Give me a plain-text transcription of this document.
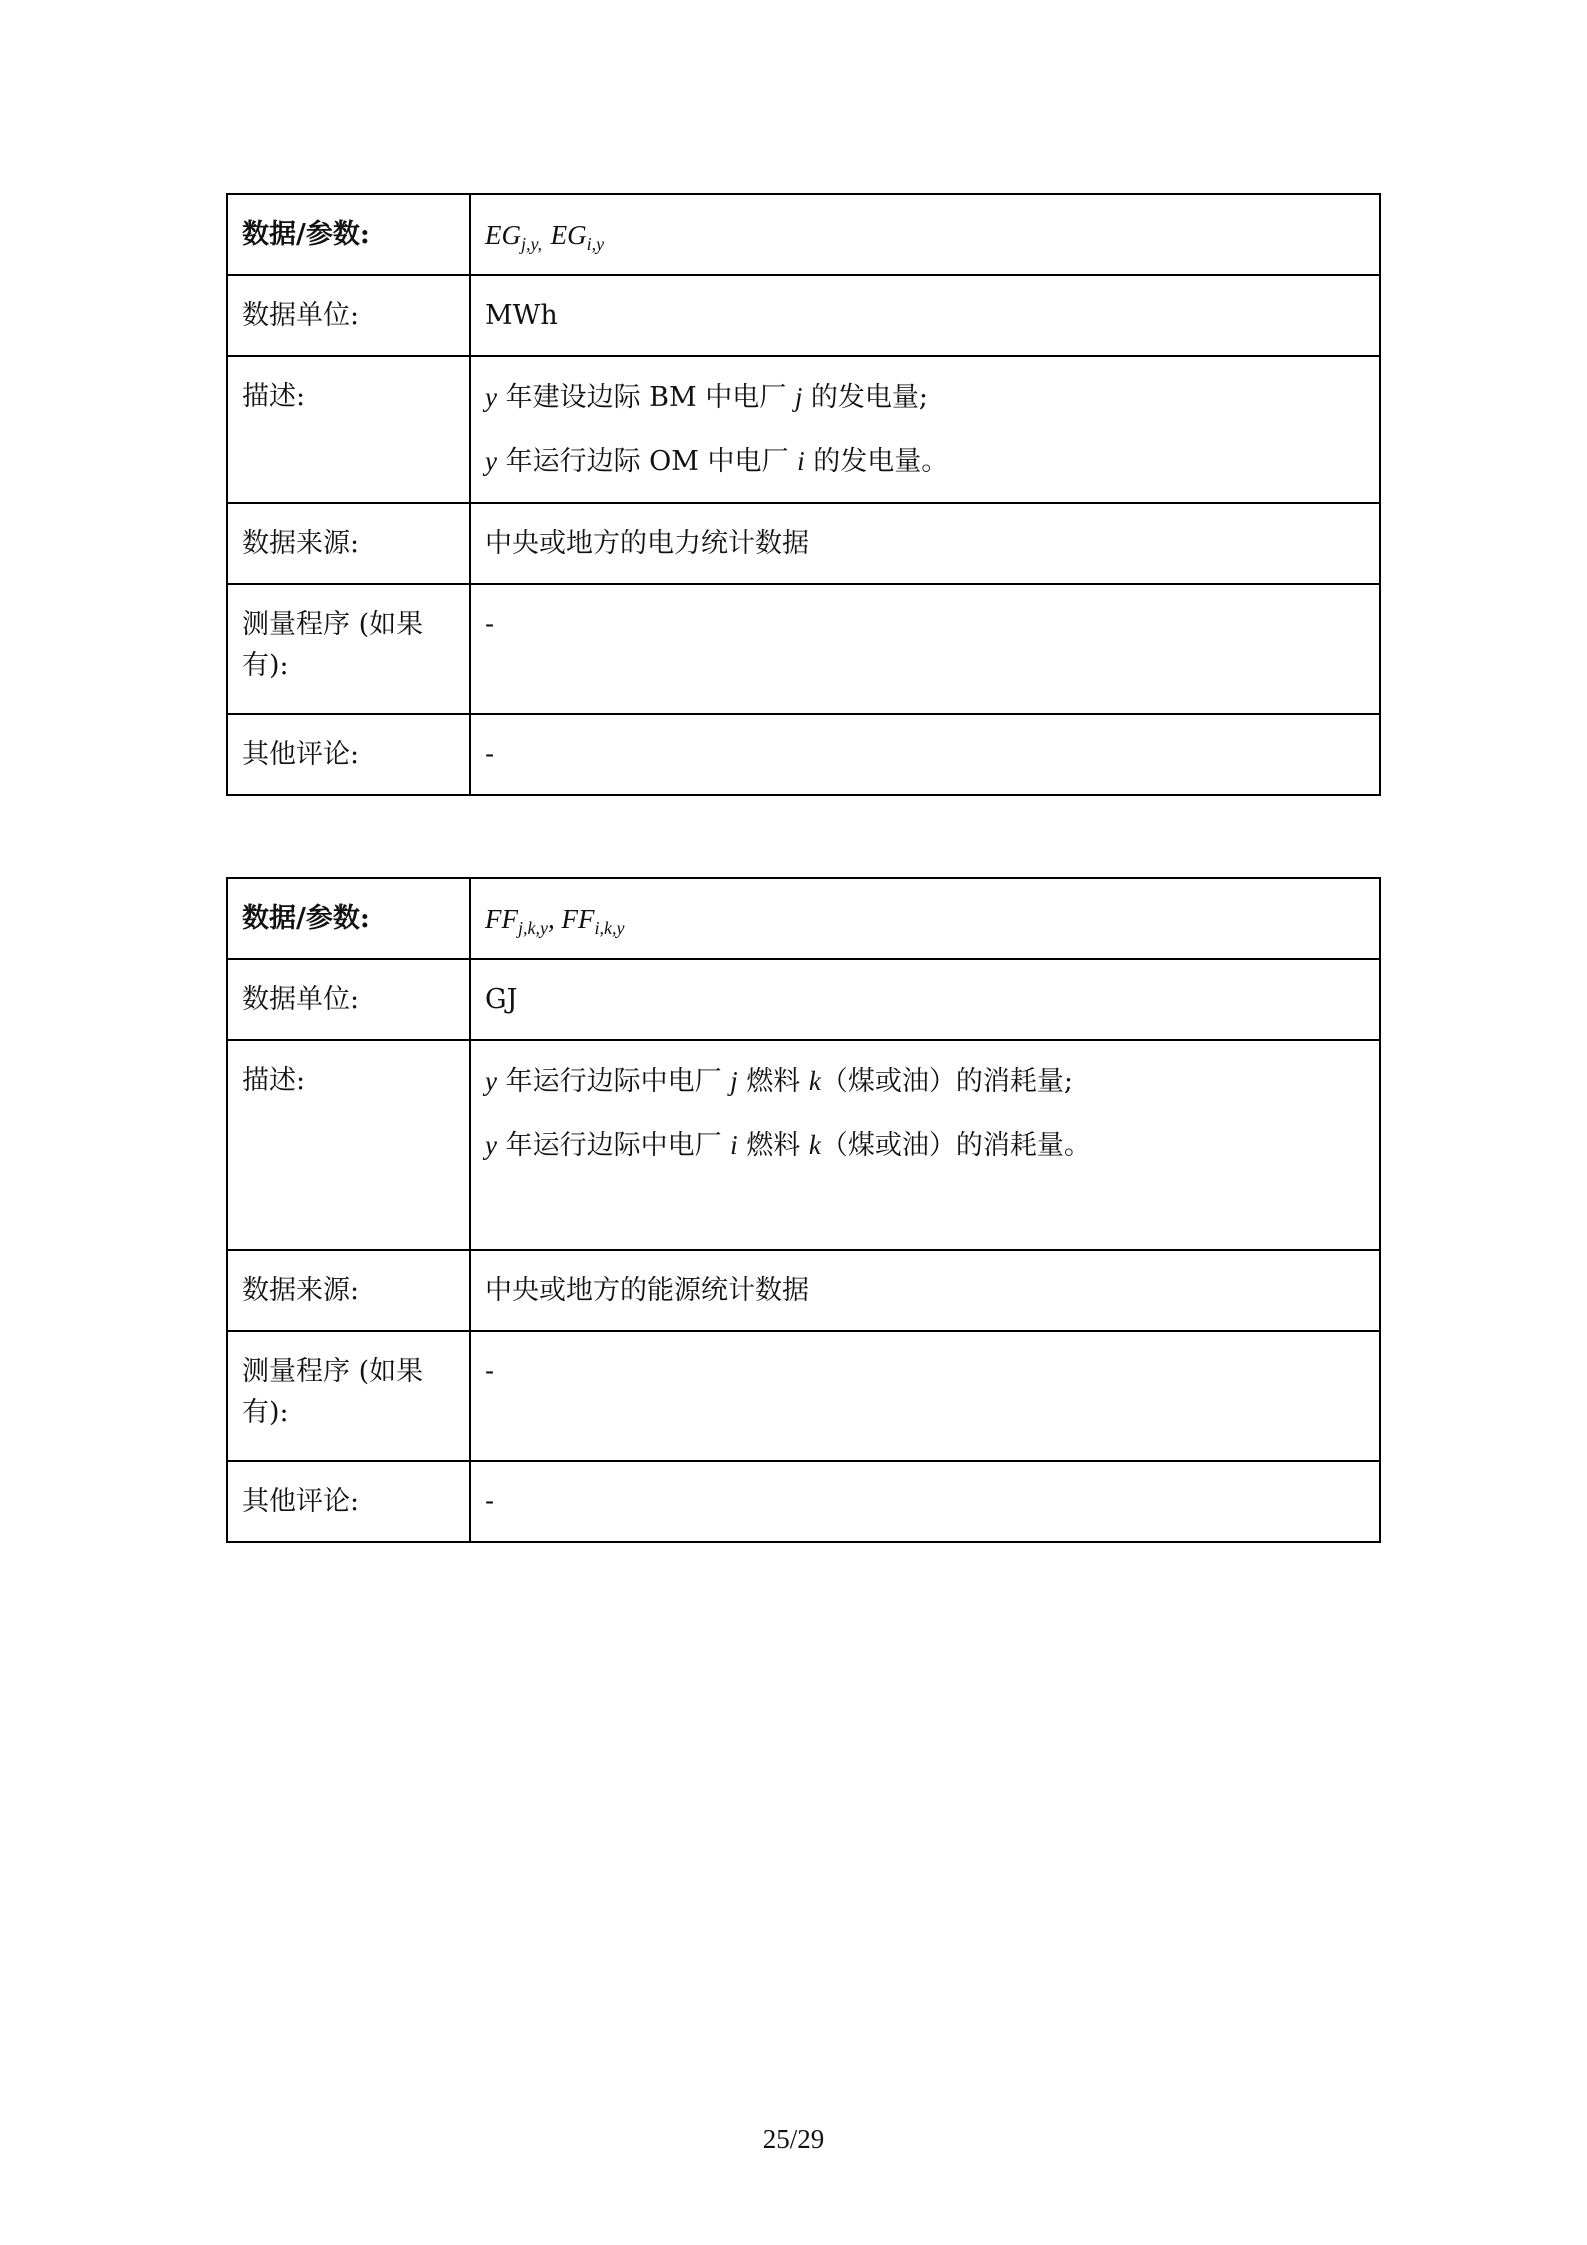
数据/参数:	$EG_{j,y,}$ $EG_{i,y}$
数据单位:	MWh
描述:	y 年建设边际 BM 中电厂 j 的发电量;
y 年运行边际 OM 中电厂 i 的发电量。

数据来源:	中央或地方的电力统计数据
测量程序 (如果有):	-
其他评论:	-
数据/参数:	$FF_{j,k,y}$, $FF_{i,k,y}$
数据单位:	GJ
描述:	y 年运行边际中电厂 j 燃料 k（煤或油）的消耗量;
y 年运行边际中电厂 i 燃料 k（煤或油）的消耗量。

数据来源:	中央或地方的能源统计数据
测量程序 (如果有):	-
其他评论:	-
25/29
